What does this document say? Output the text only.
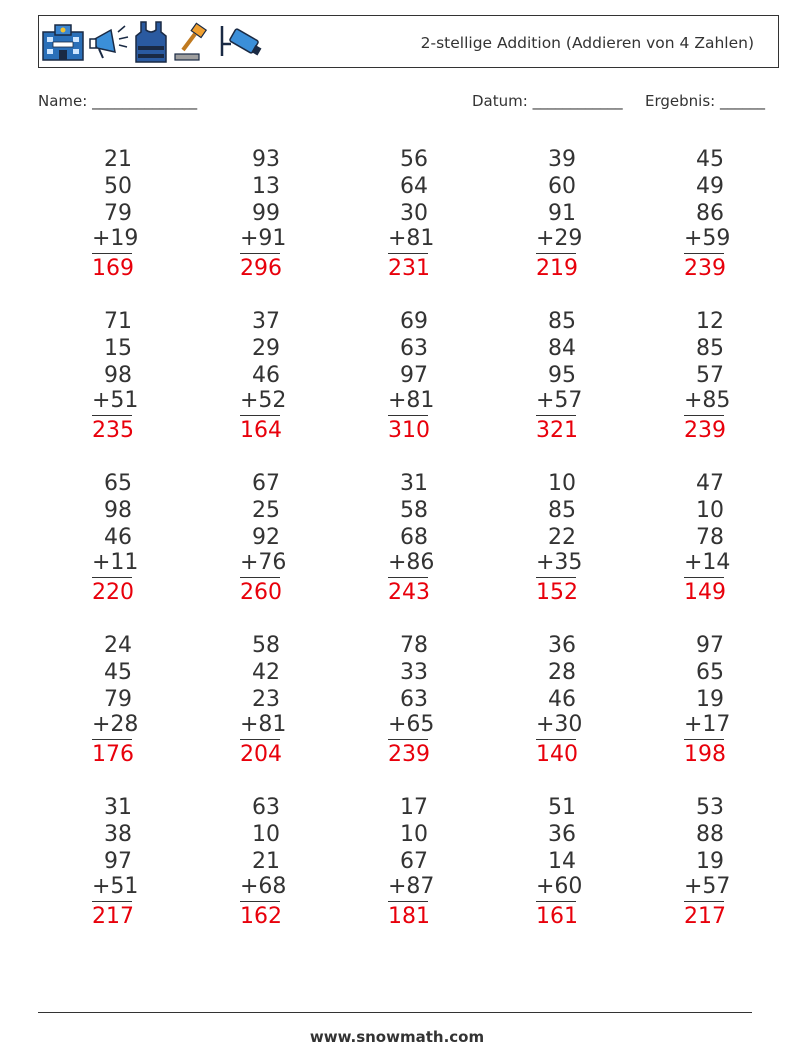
2-stellige Addition (Addieren von 4 Zahlen)
Name: ______________	Datum: ____________ Ergebnis: ______
21
50
79
+19
169
93
13
99
+91
296
56
64
30
+81
231
39
60
91
+29
219
45
49
86
+59
239
71
15
98
+51
235
37
29
46
+52
164
69
63
97
+81
310
85
84
95
+57
321
12
85
57
+85
239
65
98
46
+11
220
67
25
92
+76
260
31
58
68
+86
243
10
85
22
+35
152
47
10
78
+14
149
24
45
79
+28
176
58
42
23
+81
204
78
33
63
+65
239
36
28
46
+30
140
97
65
19
+17
198
31
38
97
+51
217
63
10
21
+68
162
17
10
67
+87
181
51
36
14
+60
161
53
88
19
+57
217
www.snowmath.com
